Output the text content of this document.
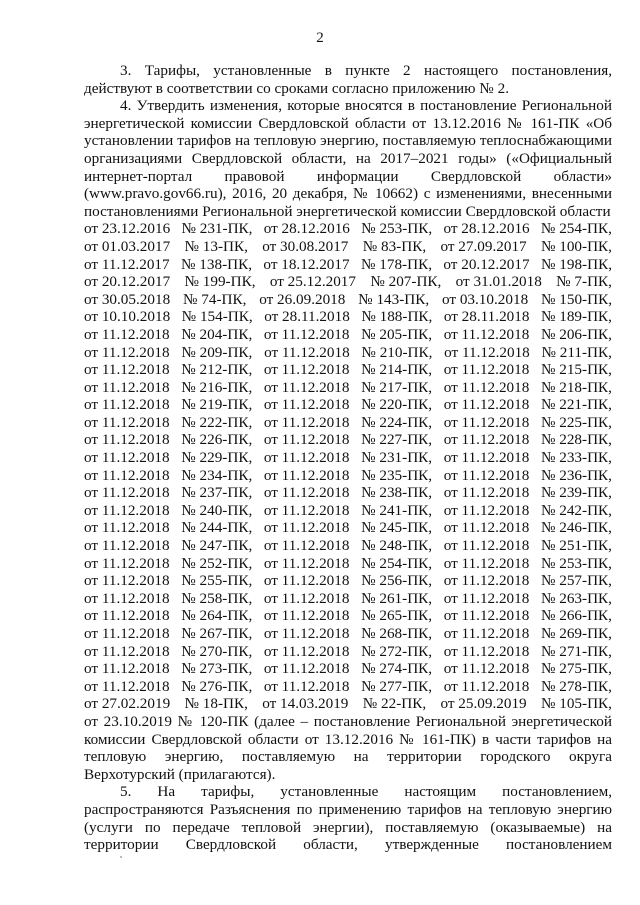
2

3. Тарифы, установленные в пункте 2 настоящего постановления, действуют в соответствии со сроками согласно приложению № 2.

4. Утвердить изменения, которые вносятся в постановление Региональной энергетической комиссии Свердловской области от 13.12.2016 № 161-ПК «Об установлении тарифов на тепловую энергию, поставляемую теплоснабжающими организациями Свердловской области, на 2017–2021 годы» («Официальный интернет-портал правовой информации Свердловской области» (www.pravo.gov66.ru), 2016, 20 декабря, № 10662) с изменениями, внесенными постановлениями Региональной энергетической комиссии Свердловской области

от 23.12.2016 № 231-ПК, от 28.12.2016 № 253-ПК, от 28.12.2016 № 254-ПК,
от 01.03.2017 № 13-ПК, от 30.08.2017 № 83-ПК, от 27.09.2017 № 100-ПК,
от 11.12.2017 № 138-ПК, от 18.12.2017 № 178-ПК, от 20.12.2017 № 198-ПК,
от 20.12.2017 № 199-ПК, от 25.12.2017 № 207-ПК, от 31.01.2018 № 7-ПК,
от 30.05.2018 № 74-ПК, от 26.09.2018 № 143-ПК, от 03.10.2018 № 150-ПК,
от 10.10.2018 № 154-ПК, от 28.11.2018 № 188-ПК, от 28.11.2018 № 189-ПК,
от 11.12.2018 № 204-ПК, от 11.12.2018 № 205-ПК, от 11.12.2018 № 206-ПК,
от 11.12.2018 № 209-ПК, от 11.12.2018 № 210-ПК, от 11.12.2018 № 211-ПК,
от 11.12.2018 № 212-ПК, от 11.12.2018 № 214-ПК, от 11.12.2018 № 215-ПК,
от 11.12.2018 № 216-ПК, от 11.12.2018 № 217-ПК, от 11.12.2018 № 218-ПК,
от 11.12.2018 № 219-ПК, от 11.12.2018 № 220-ПК, от 11.12.2018 № 221-ПК,
от 11.12.2018 № 222-ПК, от 11.12.2018 № 224-ПК, от 11.12.2018 № 225-ПК,
от 11.12.2018 № 226-ПК, от 11.12.2018 № 227-ПК, от 11.12.2018 № 228-ПК,
от 11.12.2018 № 229-ПК, от 11.12.2018 № 231-ПК, от 11.12.2018 № 233-ПК,
от 11.12.2018 № 234-ПК, от 11.12.2018 № 235-ПК, от 11.12.2018 № 236-ПК,
от 11.12.2018 № 237-ПК, от 11.12.2018 № 238-ПК, от 11.12.2018 № 239-ПК,
от 11.12.2018 № 240-ПК, от 11.12.2018 № 241-ПК, от 11.12.2018 № 242-ПК,
от 11.12.2018 № 244-ПК, от 11.12.2018 № 245-ПК, от 11.12.2018 № 246-ПК,
от 11.12.2018 № 247-ПК, от 11.12.2018 № 248-ПК, от 11.12.2018 № 251-ПК,
от 11.12.2018 № 252-ПК, от 11.12.2018 № 254-ПК, от 11.12.2018 № 253-ПК,
от 11.12.2018 № 255-ПК, от 11.12.2018 № 256-ПК, от 11.12.2018 № 257-ПК,
от 11.12.2018 № 258-ПК, от 11.12.2018 № 261-ПК, от 11.12.2018 № 263-ПК,
от 11.12.2018 № 264-ПК, от 11.12.2018 № 265-ПК, от 11.12.2018 № 266-ПК,
от 11.12.2018 № 267-ПК, от 11.12.2018 № 268-ПК, от 11.12.2018 № 269-ПК,
от 11.12.2018 № 270-ПК, от 11.12.2018 № 272-ПК, от 11.12.2018 № 271-ПК,
от 11.12.2018 № 273-ПК, от 11.12.2018 № 274-ПК, от 11.12.2018 № 275-ПК,
от 11.12.2018 № 276-ПК, от 11.12.2018 № 277-ПК, от 11.12.2018 № 278-ПК,
от 27.02.2019 № 18-ПК, от 14.03.2019 № 22-ПК, от 25.09.2019 № 105-ПК,

от 23.10.2019 № 120-ПК (далее – постановление Региональной энергетической комиссии Свердловской области от 13.12.2016 № 161-ПК) в части тарифов на тепловую энергию, поставляемую на территории городского округа Верхотурский (прилагаются).

5. На тарифы, установленные настоящим постановлением, распространяются Разъяснения по применению тарифов на тепловую энергию (услуги по передаче тепловой энергии), поставляемую (оказываемые) на территории Свердловской области, утвержденные постановлением
